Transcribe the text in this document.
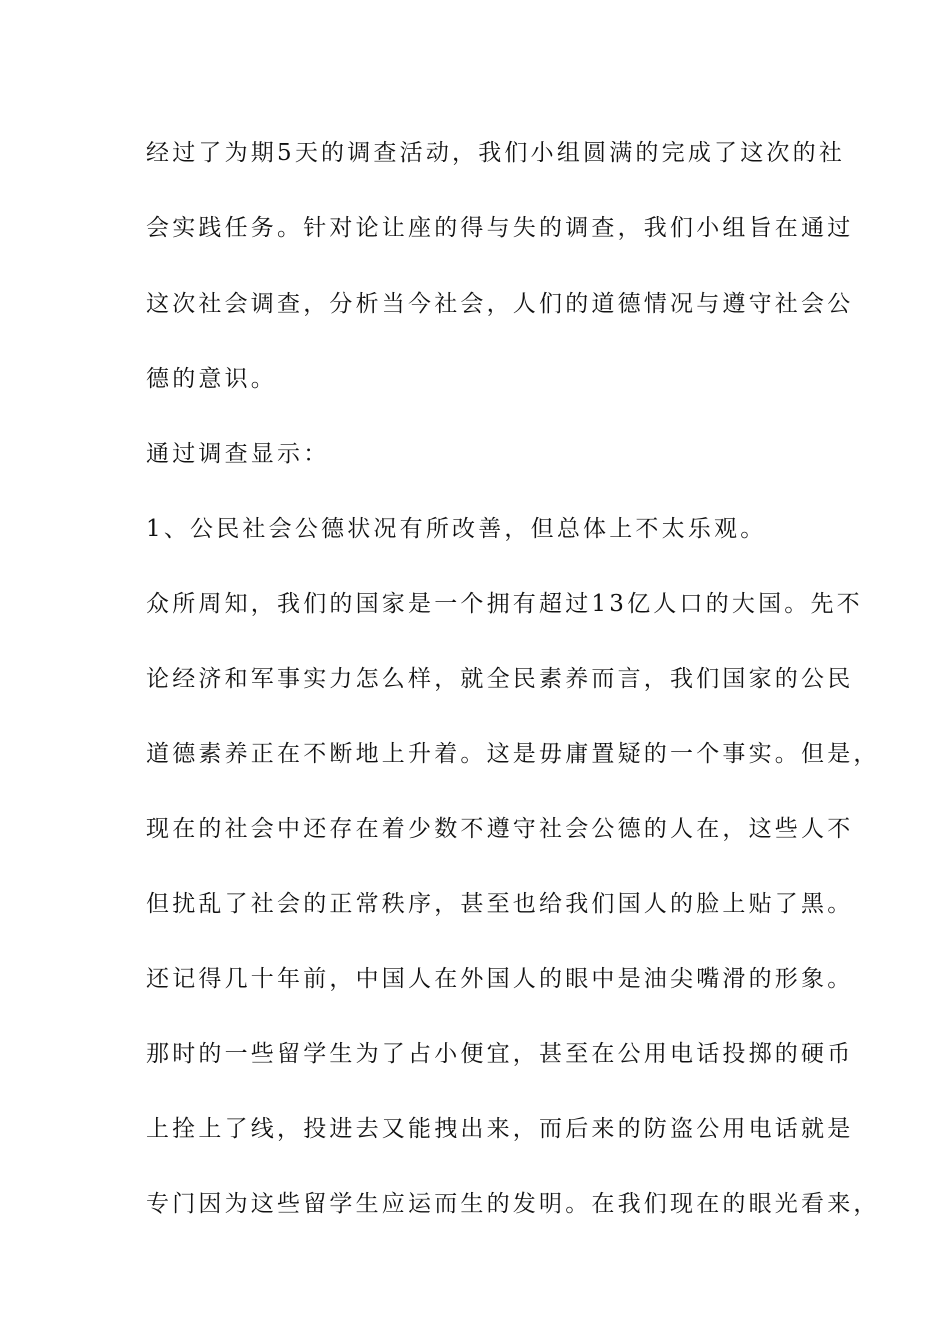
经过了为期5天的调查活动，我们小组圆满的完成了这次的社
会实践任务。针对论让座的得与失的调查，我们小组旨在通过
这次社会调查，分析当今社会，人们的道德情况与遵守社会公
德的意识。
通过调查显示：
1、公民社会公德状况有所改善，但总体上不太乐观。
众所周知，我们的国家是一个拥有超过13亿人口的大国。先不
论经济和军事实力怎么样，就全民素养而言，我们国家的公民
道德素养正在不断地上升着。这是毋庸置疑的一个事实。但是，
现在的社会中还存在着少数不遵守社会公德的人在，这些人不
但扰乱了社会的正常秩序，甚至也给我们国人的脸上贴了黑。
还记得几十年前，中国人在外国人的眼中是油尖嘴滑的形象。
那时的一些留学生为了占小便宜，甚至在公用电话投掷的硬币
上拴上了线，投进去又能拽出来，而后来的防盗公用电话就是
专门因为这些留学生应运而生的发明。在我们现在的眼光看来，
